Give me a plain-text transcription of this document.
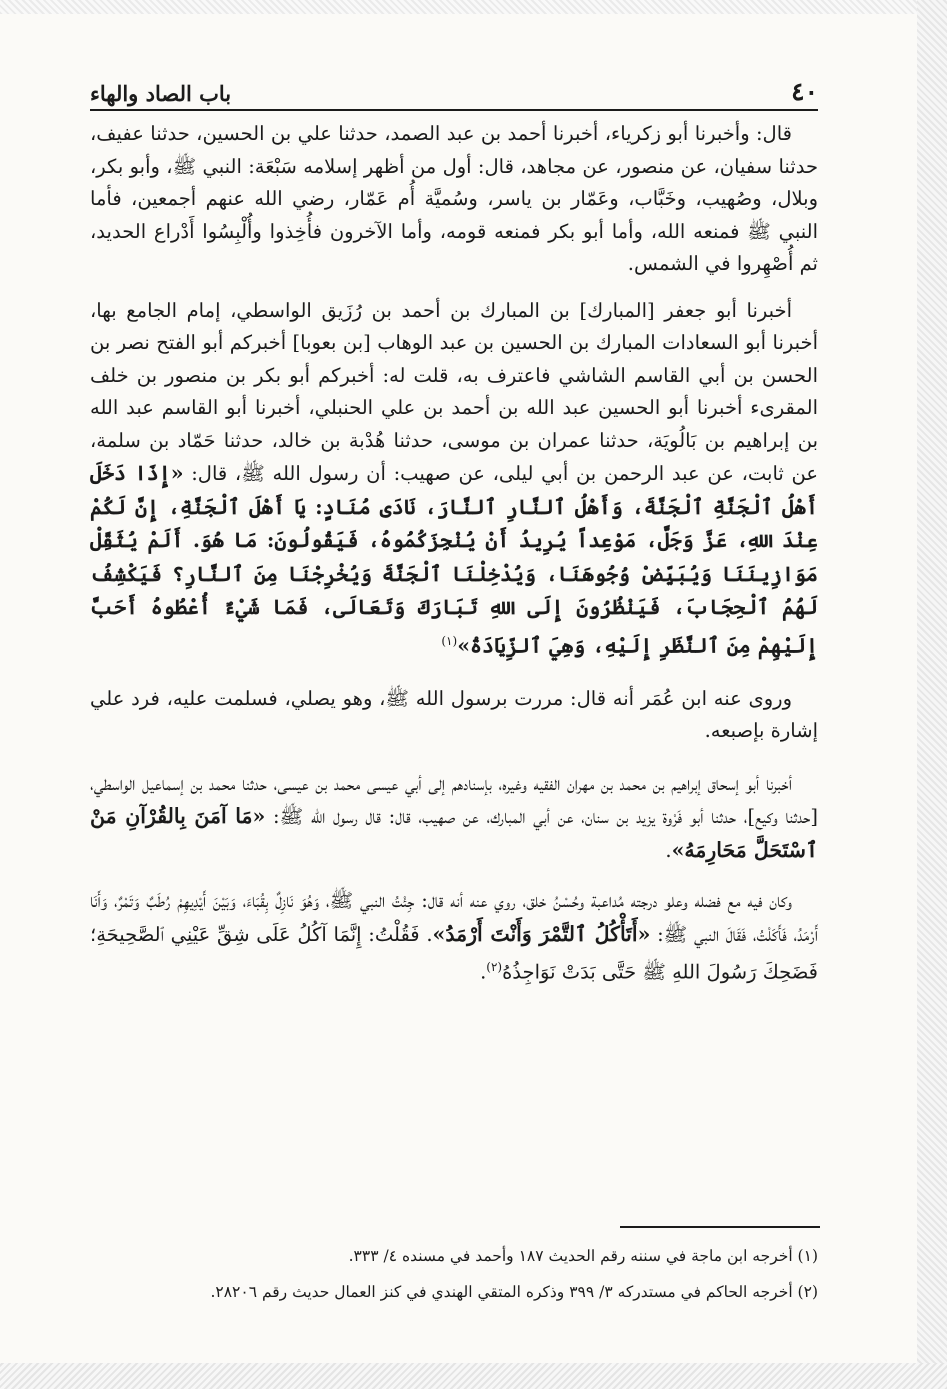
٤٠
باب الصاد والهاء

قال: وأخبرنا أبو زكرياء، أخبرنا أحمد بن عبد الصمد، حدثنا علي بن الحسين، حدثنا عفيف، حدثنا سفيان، عن منصور، عن مجاهد، قال: أول من أظهر إسلامه سَبْعَة: النبي ﷺ، وأبو بكر، وبلال، وصُهيب، وخَبَّاب، وعَمّار بن ياسر، وسُميَّة أُم عَمّار، رضي الله عنهم أجمعين، فأما النبي ﷺ فمنعه الله، وأما أبو بكر فمنعه قومه، وأما الآخرون فأُخِذوا وأُلْبِسُوا أَدْراع الحديد، ثم أُصْهِروا في الشمس.

أخبرنا أبو جعفر [المبارك] بن المبارك بن أحمد بن رُزَيق الواسطي، إمام الجامع بها، أخبرنا أبو السعادات المبارك بن الحسين بن عبد الوهاب [بن بعوبا] أخبركم أبو الفتح نصر بن الحسن بن أبي القاسم الشاشي فاعترف به، قلت له: أخبركم أبو بكر بن منصور بن خلف المقرىء أخبرنا أبو الحسين عبد الله بن أحمد بن علي الحنبلي، أخبرنا أبو القاسم عبد الله بن إبراهيم بن بَالُويَة، حدثنا عمران بن موسى، حدثنا هُدْبة بن خالد، حدثنا حَمّاد بن سلمة، عن ثابت، عن عبد الرحمن بن أبي ليلى، عن صهيب: أن رسول الله ﷺ، قال: «إِذَا دَخَلَ أَهْلُ ٱلْجَنَّةِ ٱلْجَنَّةَ، وَأَهْلُ ٱلنَّارِ ٱلنَّارَ، نَادَى مُنَادٍ: يَا أَهْلَ ٱلْجَنَّةِ، إِنَّ لَكُمْ عِنْدَ اللهِ، عَزَّ وَجَلَّ، مَوْعِداً يُرِيدُ أَنْ يُنْجِزَكُمُوهُ، فَيَقُولُونَ: مَا هُوَ. أَلَمْ يُثَقِّلْ مَوَازِينَنَا وَيُبَيِّضْ وُجُوهَنَا، وَيُدْخِلْنَا ٱلْجَنَّةَ وَيُخْرِجْنَا مِنَ ٱلنَّارِ؟ فَيَكْشِفُ لَهُمُ ٱلْحِجَابَ، فَيَنْظُرُونَ إِلَى اللهِ تَبَارَكَ وَتَعَالَى، فَمَا شَيْءٌ أُعْطُوهُ أَحَبَّ إِلَيْهِمْ مِنَ ٱلنَّظَرِ إِلَيْهِ، وَهِيَ ٱلزِّيَادَةُ»$^{(١)}$

وروى عنه ابن عُمَر أنه قال: مررت برسول الله ﷺ، وهو يصلي، فسلمت عليه، فرد علي إشارة بإصبعه.

أخبرنا أبو إسحاق إبراهيم بن محمد بن مهران الفقيه وغيره، بإسنادهم إلى أبي عيسى محمد بن عيسى، حدثنا محمد بن إسماعيل الواسطي، [حدثنا وكيع]، حدثنا أبو فَرْوة يزيد بن سنان، عن أبي المبارك، عن صهيب، قال: قال رسول الله ﷺ: «مَا آمَنَ بِالقُرْآنِ مَنْ ٱسْتَحَلَّ مَحَارِمَهُ».

وكان فيه مع فضله وعلو درجته مُداعبة وحُسْنُ خلق، روي عنه أنه قال: جِئْتُ النبي ﷺ، وَهُوَ نَازِلٌ بِقُبَاءَ، وَبَيْنَ أَيْدِيهِمْ رُطَبٌ وَتَمْرٌ، وَأَنَا أَرْمَدُ، فَأَكَلْتُ، فَقَالَ النبي ﷺ: «أَتَأْكُلُ ٱلتَّمْرَ وَأَنْتَ أَرْمَدُ». فَقُلْتُ: إِنَّمَا آكُلُ عَلَى شِقِّ عَيْنِي ٱلصَّحِيحَةِ؛ فَضَحِكَ رَسُولَ اللهِ ﷺ حَتَّى بَدَتْ نَوَاجِذُهُ$^{(٢)}$.

(١) أخرجه ابن ماجة في سننه رقم الحديث ١٨٧ وأحمد في مسنده ٤/ ٣٣٣.

(٢) أخرجه الحاكم في مستدركه ٣/ ٣٩٩ وذكره المتقي الهندي في كنز العمال حديث رقم ٢٨٢٠٦.
